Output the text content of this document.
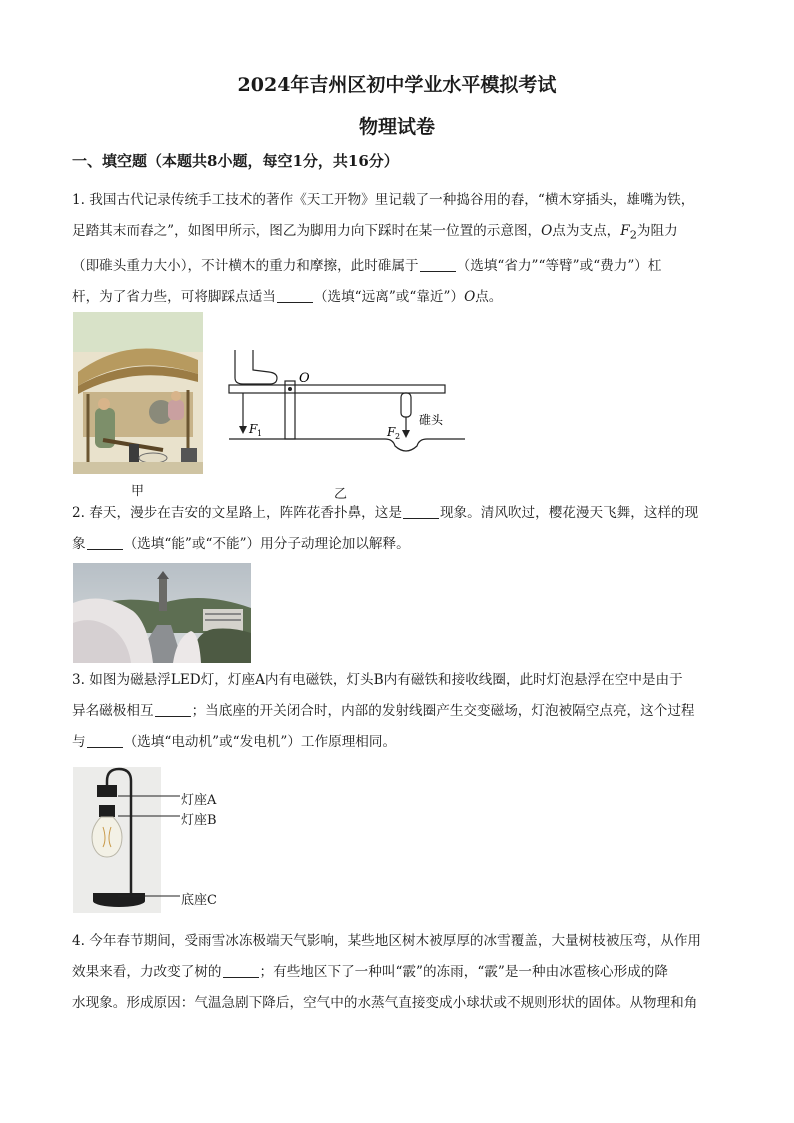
2024年吉州区初中学业水平模拟考试
物理试卷
一、填空题（本题共8小题，每空1分，共16分）

1. 我国古代记录传统手工技术的著作《天工开物》里记载了一种捣谷用的舂，“横木穿插头，雄嘴为铁，
足踏其末而舂之”，如图甲所示，图乙为脚用力向下踩时在某一位置的示意图，O点为支点，$F_2$为阻力
（即碓头重力大小），不计横木的重力和摩擦，此时碓属于	（选填“省力”“等臂”或“费力”）杠
杆，为了省力些，可将脚踩点适当	（选填“远离”或“靠近”）O点。

甲
O
F 1	F 2
碓头
乙

2. 春天，漫步在吉安的文星路上，阵阵花香扑鼻，这是	现象。清风吹过，樱花漫天飞舞，这样的现
象	（选填“能”或“不能”）用分子动理论加以解释。

3. 如图为磁悬浮LED灯，灯座A内有电磁铁，灯头B内有磁铁和接收线圈，此时灯泡悬浮在空中是由于
异名磁极相互	；当底座的开关闭合时，内部的发射线圈产生交变磁场，灯泡被隔空点亮，这个过程
与	（选填“电动机”或“发电机”）工作原理相同。

灯座A
灯座B
底座C

4. 今年春节期间，受雨雪冰冻极端天气影响，某些地区树木被厚厚的冰雪覆盖，大量树枝被压弯，从作用
效果来看，力改变了树的	；有些地区下了一种叫“霰”的冻雨，“霰”是一种由冰雹核心形成的降
水现象。形成原因：气温急剧下降后，空气中的水蒸气直接变成小球状或不规则形状的固体。从物理和角
